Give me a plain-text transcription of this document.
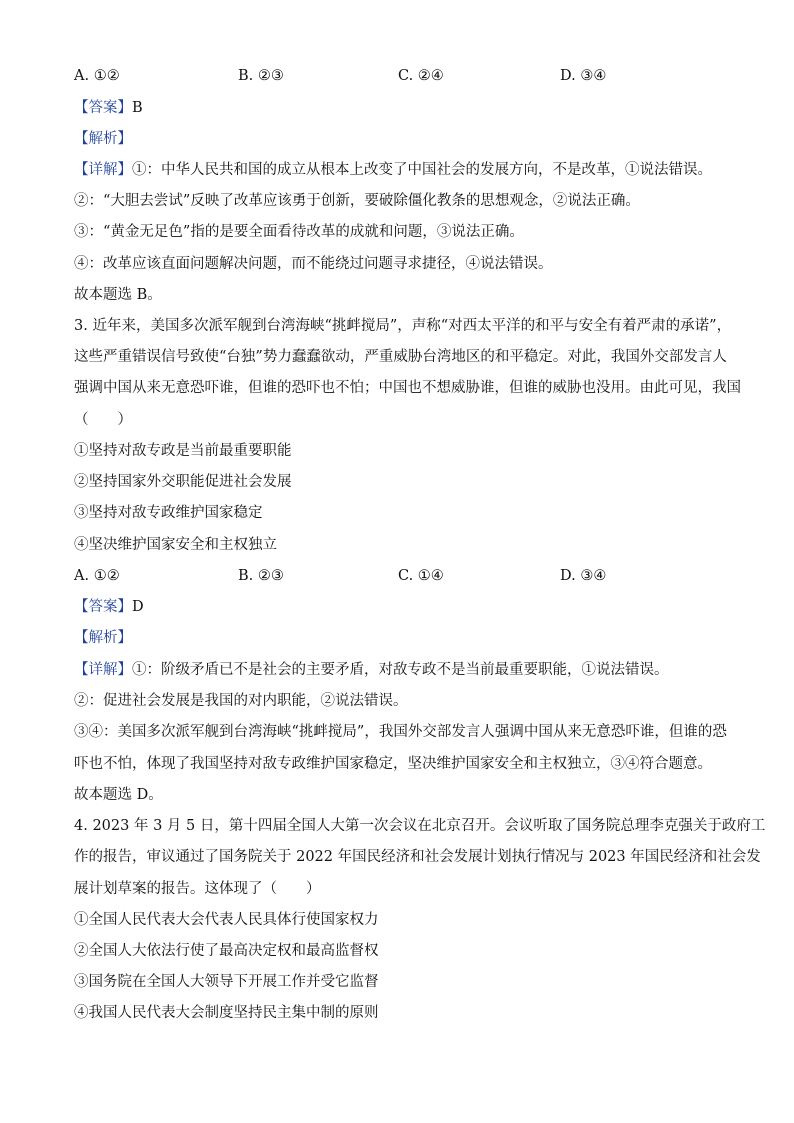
A. ①②	B. ②③	C. ②④	D. ③④
【答案】B
【解析】
【详解】①：中华人民共和国的成立从根本上改变了中国社会的发展方向，不是改革，①说法错误。
②：“大胆去尝试”反映了改革应该勇于创新，要破除僵化教条的思想观念，②说法正确。
③：“黄金无足色”指的是要全面看待改革的成就和问题，③说法正确。
④：改革应该直面问题解决问题，而不能绕过问题寻求捷径，④说法错误。
故本题选 B。
3. 近年来，美国多次派军舰到台湾海峡“挑衅搅局”，声称“对西太平洋的和平与安全有着严肃的承诺”，
这些严重错误信号致使“台独”势力蠢蠢欲动，严重威胁台湾地区的和平稳定。对此，我国外交部发言人
强调中国从来无意恐吓谁，但谁的恐吓也不怕；中国也不想威胁谁，但谁的威胁也没用。由此可见，我国
（　　）
①坚持对敌专政是当前最重要职能
②坚持国家外交职能促进社会发展
③坚持对敌专政维护国家稳定
④坚决维护国家安全和主权独立
A. ①②	B. ②③	C. ①④	D. ③④
【答案】D
【解析】
【详解】①：阶级矛盾已不是社会的主要矛盾，对敌专政不是当前最重要职能，①说法错误。
②：促进社会发展是我国的对内职能，②说法错误。
③④：美国多次派军舰到台湾海峡“挑衅搅局”，我国外交部发言人强调中国从来无意恐吓谁，但谁的恐
吓也不怕，体现了我国坚持对敌专政维护国家稳定，坚决维护国家安全和主权独立，③④符合题意。
故本题选 D。
4. 2023 年 3 月 5 日，第十四届全国人大第一次会议在北京召开。会议听取了国务院总理李克强关于政府工
作的报告，审议通过了国务院关于 2022 年国民经济和社会发展计划执行情况与 2023 年国民经济和社会发
展计划草案的报告。这体现了（　　）
①全国人民代表大会代表人民具体行使国家权力
②全国人大依法行使了最高决定权和最高监督权
③国务院在全国人大领导下开展工作并受它监督
④我国人民代表大会制度坚持民主集中制的原则
